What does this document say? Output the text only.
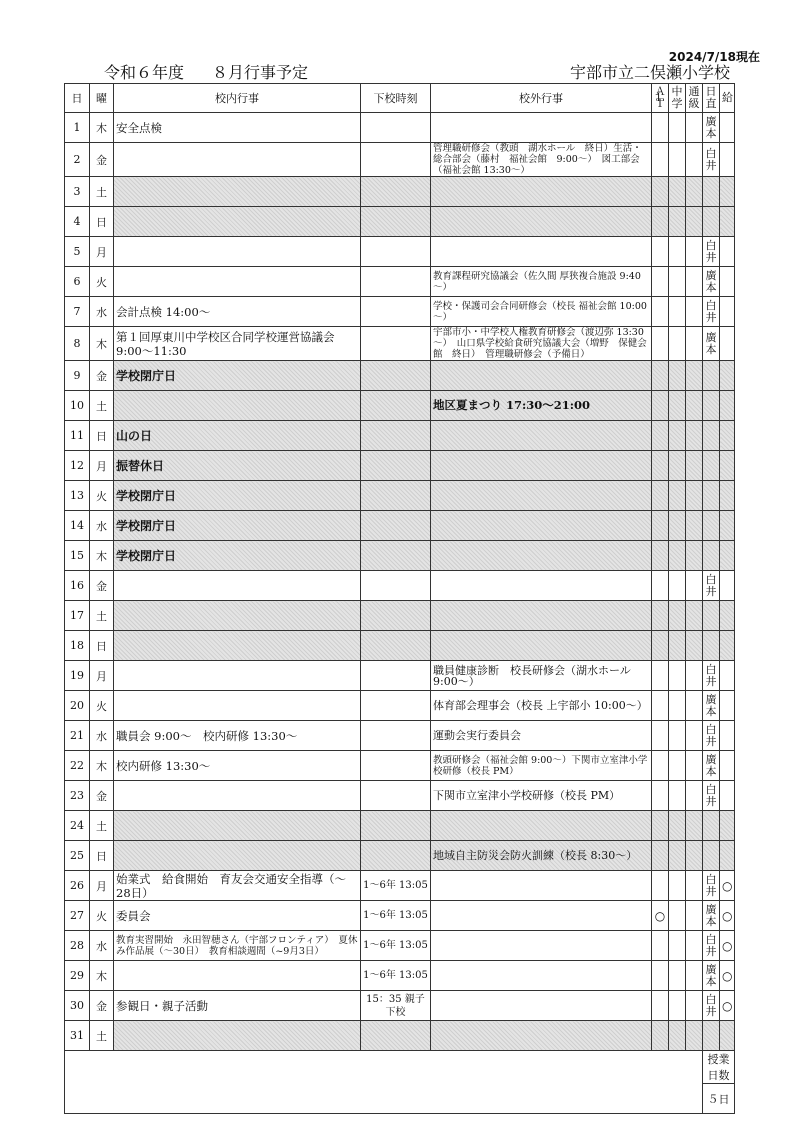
2024/7/18現在
令和６年度 ８月行事予定	宇部市立二俣瀬小学校
日	曜	校内行事	下校時刻	校外行事	ＡＬＴ	中学	通級	日直	給
1	木	安全点検						廣本	
2	金			管理職研修会（教頭　湖水ホール　終日）生活・総合部会（藤村　福祉会館　9:00～）　図工部会（福祉会館 13:30～）				白井	
3	土								
4	日								
5	月							白井	
6	火			教育課程研究協議会（佐久間 厚狭複合施設 9:40～）				廣本	
7	水	会計点検 14:00～		学校・保護司会合同研修会（校長 福祉会館 10:00～）				白井	
8	木	第１回厚東川中学校区合同学校運営協議会 9:00～11:30		宇部市小・中学校人権教育研修会（渡辺弥 13:30～）　山口県学校給食研究協議大会（増野　保健会館　終日）　管理職研修会（予備日）				廣本	
9	金	学校閉庁日							
10	土			地区夏まつり 17:30～21:00					
11	日	山の日							
12	月	振替休日							
13	火	学校閉庁日							
14	水	学校閉庁日							
15	木	学校閉庁日							
16	金							白井	
17	土								
18	日								
19	月			職員健康診断　校長研修会（湖水ホール 9:00～）				白井	
20	火			体育部会理事会（校長 上宇部小 10:00～）				廣本	
21	水	職員会 9:00～　校内研修 13:30～		運動会実行委員会				白井	
22	木	校内研修 13:30～		教頭研修会（福祉会館 9:00～）下関市立室津小学校研修（校長 PM）				廣本	
23	金			下関市立室津小学校研修（校長 PM）				白井	
24	土								
25	日			地域自主防災会防火訓練（校長 8:30～）					
26	月	始業式　給食開始　育友会交通安全指導（～28日）	1～6年 13:05					白井	○
27	火	委員会	1～6年 13:05		○			廣本	○
28	水	教育実習開始　永田智穂さん（宇部フロンティア）　夏休み作品展（～30日）　教育相談週間（~9月3日）	1～6年 13:05					白井	○
29	木		1～6年 13:05					廣本	○
30	金	参観日・親子活動	15：35 親子下校					白井	○
31	土								
								授業日数	
								５日	
